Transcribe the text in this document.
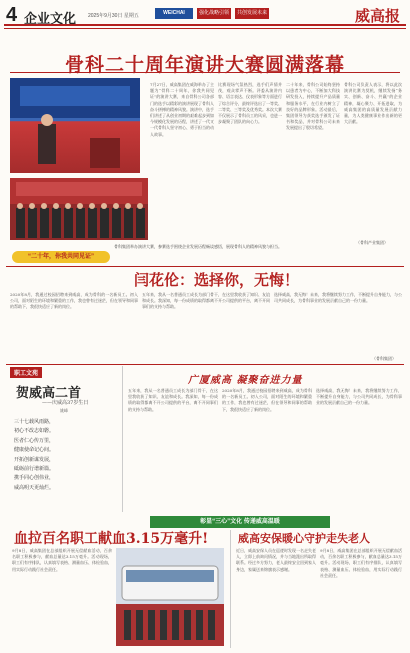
4 企业文化 2025年9月30日 星期五	WEICHAI	强化战略引领	共创发展未来	威高报
骨科二十周年演讲大赛圆满落幕
7月27日，威高集团在威海举办了主题为“骨科二十周年，你我共同见证”的演讲大赛，来自骨科公司各部门的选手以精彩的演讲展现了骨科人奋斗拼搏的精神风貌。演讲中，选手们讲述了从创业初期的艰难起步到如今规模化发展的历程，讲述了一代又一代骨科人坚守初心、勇于担当的动人故事。
比赛现场气氛热烈，选手们声情并茂，观众掌声不断。评委从演讲内容、语言表达、仪表形象等方面进行了综合评分，最终评选出了一等奖、二等奖、三等奖及优秀奖。本次大赛不仅展示了骨科员工的风采，也进一步凝聚了团队的向心力。
二十年来，骨科公司始终坚持以患者为中心，不断加大科技研发投入，持续提升产品质量和服务水平，在行业内树立了良好的品牌形象。活动最后，集团领导为获奖选手颁发了证书和奖品，并对骨科公司未来发展提出了殷切希望。
骨科公司负责人表示，将以此次演讲比赛为契机，继续发扬“务实、创新、奋斗、共赢”的企业精神，凝心聚力、开拓进取，为威高集团的高质量发展贡献力量，为人类健康事业作出新的更大贡献。
（骨科产业集团）
骨科集团举办演讲大赛，参赛选手围绕企业发展历程畅谈感悟，展现骨科人的精神风貌与担当。
“二十年，你我共同见证”
闫花伦：选择你，无悔！
2020年8月，我通过校园招聘来到威高，成为骨科的一名新员工。初入公司，面对陌生的环境和繁重的工作，我也曾有过迷茫，但在领导和同事的帮助下，我很快适应了新的岗位。
五年来，我从一名普通员工成长为部门骨干，在这里我收获了知识、友谊和成长。我深知，每一份成绩的取得都离不开公司提供的平台，离不开同事们的支持与帮助。
选择威高，我无悔！未来，我将继续努力工作，不断提升自身能力，与公司共同成长，为骨科事业的发展贡献自己的一份力量。
（骨科集团）
职工文苑
贺威高二首
——庆威高37岁生日
姚峰
三十七载风雨路，
初心不改志如磐。
医者仁心传万里，
健康使命记心间。
开拓创新谋发展，
砥砺前行谱新篇。
携手同心创伟业，
威高明天更灿烂。
广厦威高 凝聚奋进力量
五年来，我从一名普通员工成长为部门骨干，在这里我收获了知识、友谊和成长。我深知，每一份成绩的取得都离不开公司提供的平台，离不开同事们的支持与帮助。
2020年8月，我通过校园招聘来到威高，成为骨科的一名新员工。初入公司，面对陌生的环境和繁重的工作，我也曾有过迷茫，但在领导和同事的帮助下，我很快适应了新的岗位。
选择威高，我无悔！未来，我将继续努力工作，不断提升自身能力，与公司共同成长，为骨科事业的发展贡献自己的一份力量。
彰显“三心”文化 传递威高温暖
血拉百名职工献血3.15万毫升!
9月8日，威高集团在总部组织开展无偿献血活动，百余名职工积极参与，献血总量达3.15万毫升。活动现场，职工们有序排队，认真填写表格、测量血压、体检验血，用实际行动践行社会责任。
威高安保暖心守护走失老人
近日，威高安保人员在巡逻时发现一名走失老人，立即上前询问情况，并与当地派出所取得联系。经过多方努力，老人最终安全回到家人身边，家属送来锦旗表示感谢。
9月8日，威高集团在总部组织开展无偿献血活动，百余名职工积极参与，献血总量达3.15万毫升。活动现场，职工们有序排队，认真填写表格、测量血压、体检验血，用实际行动践行社会责任。
